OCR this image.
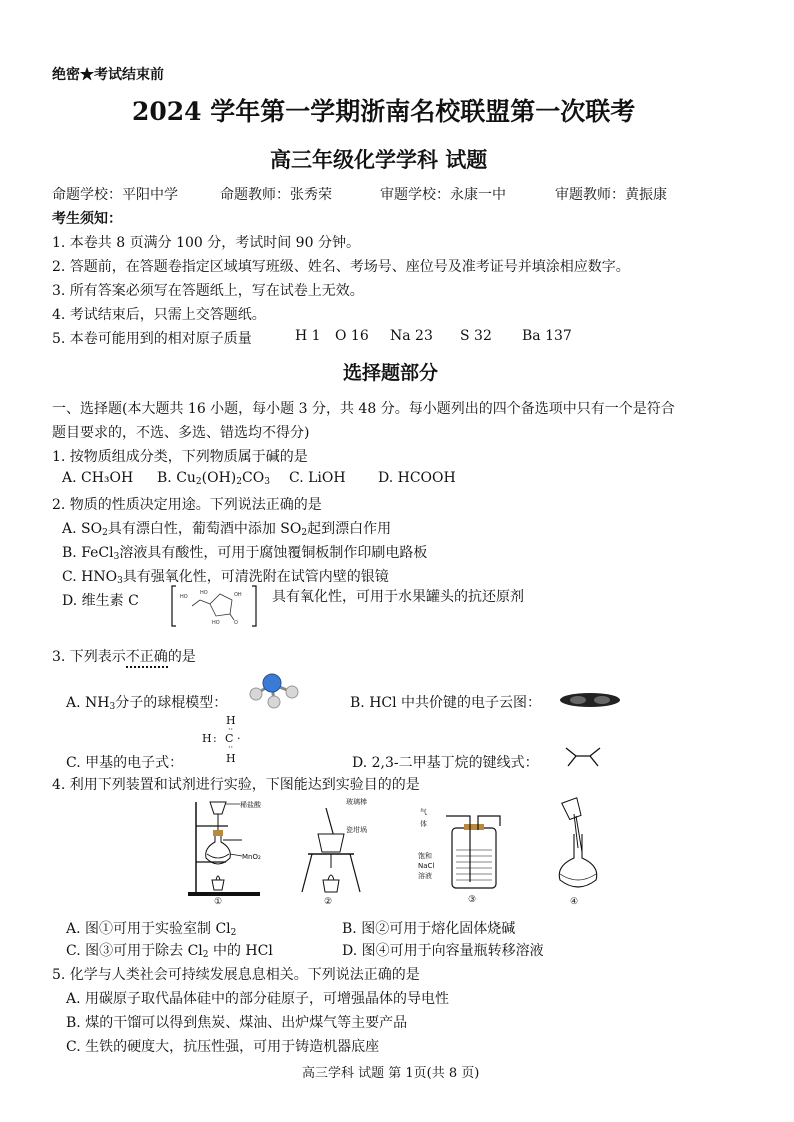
绝密★考试结束前
2024 学年第一学期浙南名校联盟第一次联考
高三年级化学学科 试题
命题学校：平阳中学	命题教师：张秀荣	审题学校：永康一中	审题教师：黄振康
考生须知：
1. 本卷共 8 页满分 100 分，考试时间 90 分钟。
2. 答题前，在答题卷指定区域填写班级、姓名、考场号、座位号及准考证号并填涂相应数字。
3. 所有答案必须写在答题纸上，写在试卷上无效。
4. 考试结束后，只需上交答题纸。
5. 本卷可能用到的相对原子质量	H 1 O 16 Na 23 S 32 Ba 137
选择题部分
一、选择题(本大题共 16 小题，每小题 3 分，共 48 分。每小题列出的四个备选项中只有一个是符合
题目要求的，不选、多选、错选均不得分)
1. 按物质组成分类，下列物质属于碱的是
A. CH₃OH B. $Cu_2(OH)_2CO_3$ C. LiOH D. HCOOH
2. 物质的性质决定用途。下列说法正确的是
A. $SO_2$具有漂白性，葡萄酒中添加 $SO_2$起到漂白作用
B. FeCl$_3$溶液具有酸性，可用于腐蚀覆铜板制作印刷电路板
C. $HNO_3$具有强氧化性，可清洗附在试管内壁的银镜
D. 维生素 C	HO
HO	OH
HO	O
具有氧化性，可用于水果罐头的抗还原剂
3. 下列表示不正确的是
A. $NH_3$分子的球棍模型：	B. HCl 中共价键的电子云图：
H
··
H : C ·
··
H
C. 甲基的电子式：	D. 2,3-二甲基丁烷的键线式：
4. 利用下列装置和试剂进行实验，下图能达到实验目的的是
稀盐酸
MnO₂
①
玻璃棒
瓷坩埚
②
气
体
饱和
NaCl
溶液
③	④
A. 图①可用于实验室制 $Cl_2$	B. 图②可用于熔化固体烧碱
C. 图③可用于除去 $Cl_2$ 中的 HCl	D. 图④可用于向容量瓶转移溶液
5. 化学与人类社会可持续发展息息相关。下列说法正确的是
A. 用碳原子取代晶体硅中的部分硅原子，可增强晶体的导电性
B. 煤的干馏可以得到焦炭、煤油、出炉煤气等主要产品
C. 生铁的硬度大，抗压性强，可用于铸造机器底座
高三学科 试题 第 1页(共 8 页)
